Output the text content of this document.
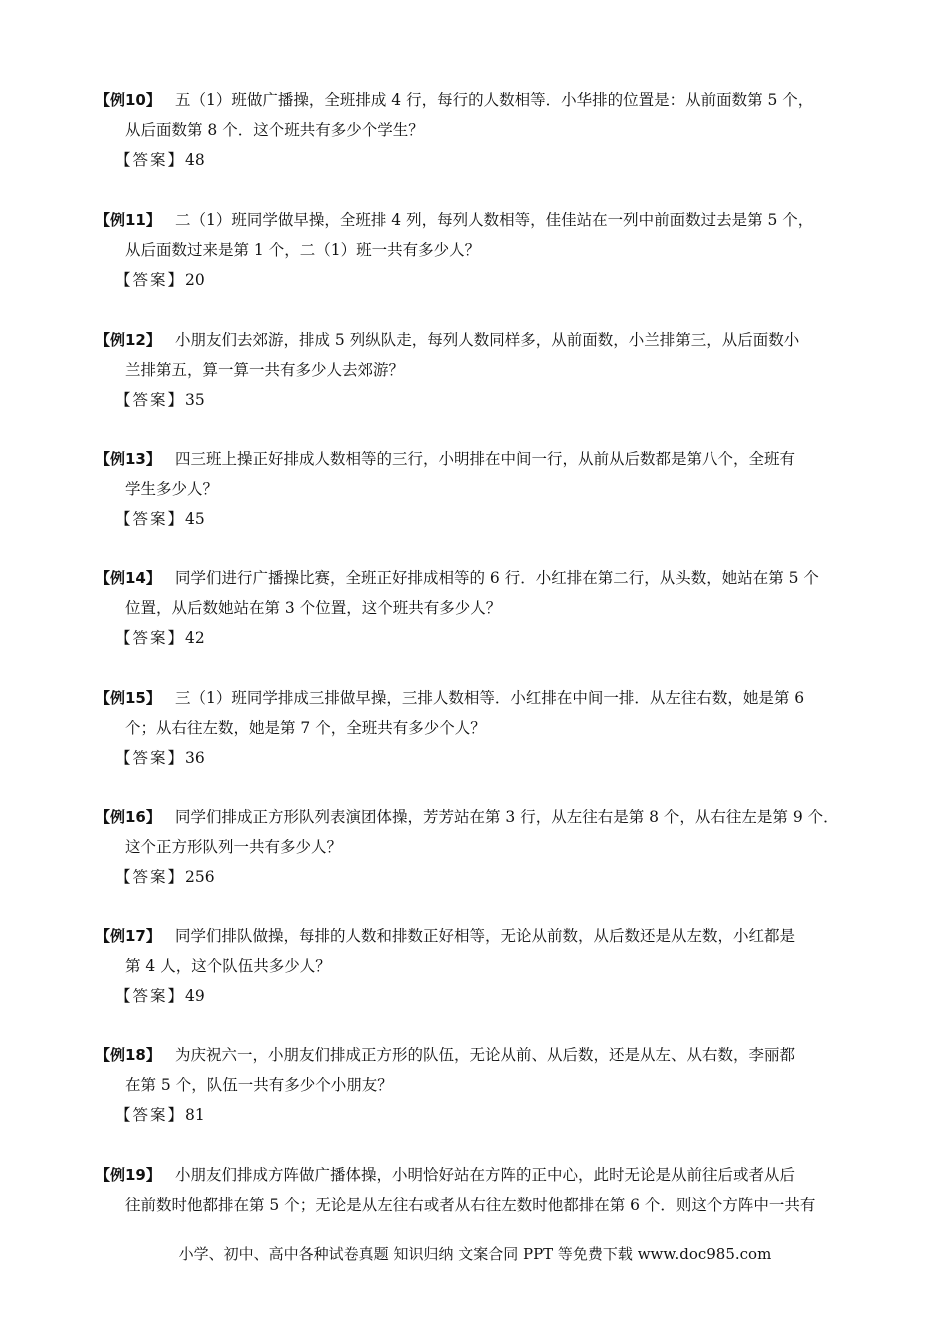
【例10】 五（1）班做广播操，全班排成 4 行，每行的人数相等．小华排的位置是：从前面数第 5 个，
从后面数第 8 个．这个班共有多少个学生？
【答案】48
【例11】 二（1）班同学做早操，全班排 4 列，每列人数相等，佳佳站在一列中前面数过去是第 5 个，
从后面数过来是第 1 个，二（1）班一共有多少人？
【答案】20
【例12】 小朋友们去郊游，排成 5 列纵队走，每列人数同样多，从前面数，小兰排第三，从后面数小
兰排第五，算一算一共有多少人去郊游？
【答案】35
【例13】 四三班上操正好排成人数相等的三行，小明排在中间一行，从前从后数都是第八个，全班有
学生多少人？
【答案】45
【例14】 同学们进行广播操比赛，全班正好排成相等的 6 行．小红排在第二行，从头数，她站在第 5 个
位置，从后数她站在第 3 个位置，这个班共有多少人？
【答案】42
【例15】 三（1）班同学排成三排做早操，三排人数相等．小红排在中间一排．从左往右数，她是第 6
个；从右往左数，她是第 7 个，全班共有多少个人？
【答案】36
【例16】 同学们排成正方形队列表演团体操，芳芳站在第 3 行，从左往右是第 8 个，从右往左是第 9 个．
这个正方形队列一共有多少人？
【答案】256
【例17】 同学们排队做操，每排的人数和排数正好相等，无论从前数，从后数还是从左数，小红都是
第 4 人，这个队伍共多少人？
【答案】49
【例18】 为庆祝六一，小朋友们排成正方形的队伍，无论从前、从后数，还是从左、从右数，李丽都
在第 5 个，队伍一共有多少个小朋友？
【答案】81
【例19】 小朋友们排成方阵做广播体操，小明恰好站在方阵的正中心，此时无论是从前往后或者从后
往前数时他都排在第 5 个；无论是从左往右或者从右往左数时他都排在第 6 个．则这个方阵中一共有
小学、初中、高中各种试卷真题 知识归纳 文案合同 PPT 等免费下载 www.doc985.com
